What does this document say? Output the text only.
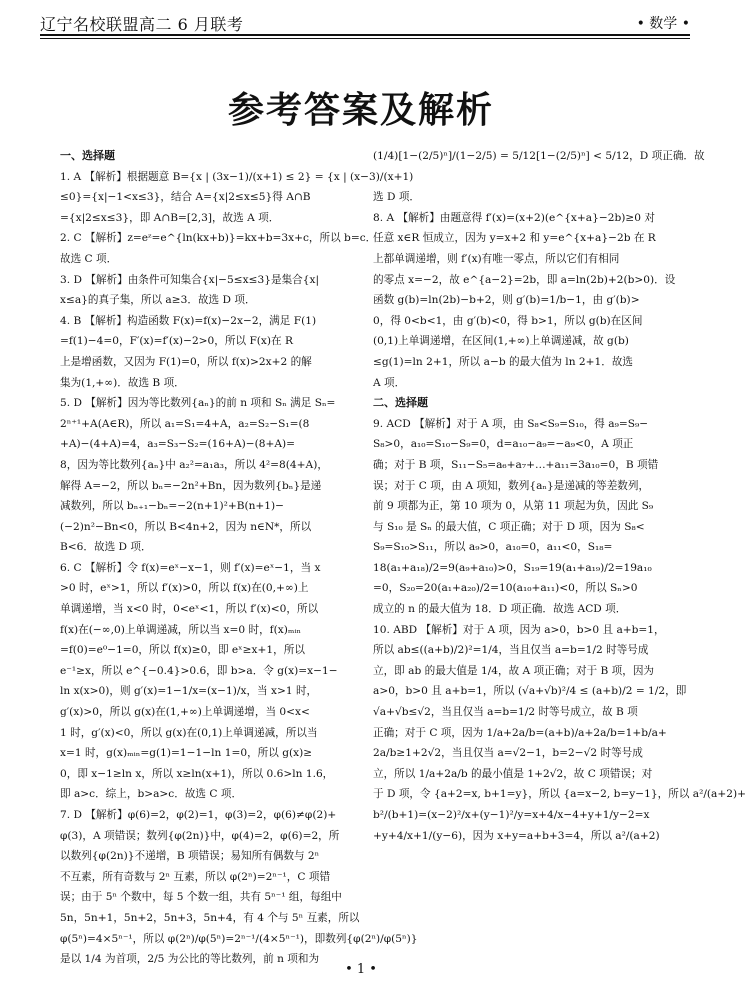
辽宁名校联盟高二 6 月联考	• 数学 •
参考答案及解析
一、选择题
1. A 【解析】根据题意 B={x | (3x−1)/(x+1) ≤ 2} = {x | (x−3)/(x+1)
≤0}={x|−1<x≤3}，结合 A={x|2≤x≤5}得 A∩B
={x|2≤x≤3}，即 A∩B=[2,3]，故选 A 项．
2. C 【解析】z=eᶻ=e^{ln(kx+b)}=kx+b=3x+c，所以 b=c．
故选 C 项．
3. D 【解析】由条件可知集合{x|−5≤x≤3}是集合{x|
x≤a}的真子集，所以 a≥3．故选 D 项．
4. B 【解析】构造函数 F(x)=f(x)−2x−2，满足 F(1)
=f(1)−4=0，F′(x)=f′(x)−2>0，所以 F(x)在 R
上是增函数，又因为 F(1)=0，所以 f(x)>2x+2 的解
集为(1,+∞)．故选 B 项．
5. D 【解析】因为等比数列{aₙ}的前 n 项和 Sₙ 满足 Sₙ=
2ⁿ⁺¹+A(A∈R)，所以 a₁=S₁=4+A，a₂=S₂−S₁=(8
+A)−(4+A)=4，a₃=S₃−S₂=(16+A)−(8+A)=
8，因为等比数列{aₙ}中 a₂²=a₁a₃，所以 4²=8(4+A)，
解得 A=−2，所以 bₙ=−2n²+Bn，因为数列{bₙ}是递
减数列，所以 bₙ₊₁−bₙ=−2(n+1)²+B(n+1)−
(−2)n²−Bn<0，所以 B<4n+2，因为 n∈N*，所以
B<6．故选 D 项．
6. C 【解析】令 f(x)=eˣ−x−1，则 f′(x)=eˣ−1，当 x
>0 时，eˣ>1，所以 f′(x)>0，所以 f(x)在(0,+∞)上
单调递增，当 x<0 时，0<eˣ<1，所以 f′(x)<0，所以
f(x)在(−∞,0)上单调递减，所以当 x=0 时，f(x)ₘᵢₙ
=f(0)=e⁰−1=0，所以 f(x)≥0，即 eˣ≥x+1，所以
e⁻¹≥x，所以 e^{−0.4}>0.6，即 b>a．令 g(x)=x−1−
ln x(x>0)，则 g′(x)=1−1/x=(x−1)/x，当 x>1 时，
g′(x)>0，所以 g(x)在(1,+∞)上单调递增，当 0<x<
1 时，g′(x)<0，所以 g(x)在(0,1)上单调递减，所以当
x=1 时，g(x)ₘᵢₙ=g(1)=1−1−ln 1=0，所以 g(x)≥
0，即 x−1≥ln x，所以 x≥ln(x+1)，所以 0.6>ln 1.6，
即 a>c．综上，b>a>c．故选 C 项．
7. D 【解析】φ(6)=2，φ(2)=1，φ(3)=2，φ(6)≠φ(2)+
φ(3)，A 项错误；数列{φ(2n)}中，φ(4)=2，φ(6)=2，所
以数列{φ(2n)}不递增，B 项错误；易知所有偶数与 2ⁿ
不互素，所有奇数与 2ⁿ 互素，所以 φ(2ⁿ)=2ⁿ⁻¹，C 项错
误；由于 5ⁿ 个数中，每 5 个数一组，共有 5ⁿ⁻¹ 组，每组中
5n，5n+1，5n+2，5n+3，5n+4，有 4 个与 5ⁿ 互素，所以
φ(5ⁿ)=4×5ⁿ⁻¹，所以 φ(2ⁿ)/φ(5ⁿ)=2ⁿ⁻¹/(4×5ⁿ⁻¹)，即数列{φ(2ⁿ)/φ(5ⁿ)}
是以 1/4 为首项，2/5 为公比的等比数列，前 n 项和为
(1/4)[1−(2/5)ⁿ]/(1−2/5) = 5/12[1−(2/5)ⁿ] < 5/12，D 项正确．故

选 D 项．
8. A 【解析】由题意得 f′(x)=(x+2)(e^{x+a}−2b)≥0 对
任意 x∈R 恒成立，因为 y=x+2 和 y=e^{x+a}−2b 在 R
上都单调递增，则 f′(x)有唯一零点，所以它们有相同
的零点 x=−2，故 e^{a−2}=2b，即 a=ln(2b)+2(b>0)．设
函数 g(b)=ln(2b)−b+2，则 g′(b)=1/b−1，由 g′(b)>
0，得 0<b<1，由 g′(b)<0，得 b>1，所以 g(b)在区间
(0,1)上单调递增，在区间(1,+∞)上单调递减，故 g(b)
≤g(1)=ln 2+1，所以 a−b 的最大值为 ln 2+1．故选
A 项．
二、选择题
9. ACD 【解析】对于 A 项，由 S₈<S₉=S₁₀，得 a₉=S₉−
S₈>0，a₁₀=S₁₀−S₉=0，d=a₁₀−a₉=−a₉<0，A 项正
确；对于 B 项，S₁₁−S₅=a₆+a₇+…+a₁₁=3a₁₀=0，B 项错
误；对于 C 项，由 A 项知，数列{aₙ}是递减的等差数列，
前 9 项都为正，第 10 项为 0，从第 11 项起为负，因此 S₉
与 S₁₀ 是 Sₙ 的最大值，C 项正确；对于 D 项，因为 S₈<
S₉=S₁₀>S₁₁，所以 a₉>0，a₁₀=0，a₁₁<0，S₁₈=
18(a₁+a₁₈)/2=9(a₉+a₁₀)>0，S₁₉=19(a₁+a₁₉)/2=19a₁₀
=0，S₂₀=20(a₁+a₂₀)/2=10(a₁₀+a₁₁)<0，所以 Sₙ>0
成立的 n 的最大值为 18．D 项正确．故选 ACD 项．
10. ABD 【解析】对于 A 项，因为 a>0，b>0 且 a+b=1，
所以 ab≤((a+b)/2)²=1/4，当且仅当 a=b=1/2 时等号成
立，即 ab 的最大值是 1/4，故 A 项正确；对于 B 项，因为
a>0，b>0 且 a+b=1，所以 (√a+√b)²/4 ≤ (a+b)/2 = 1/2，即
√a+√b≤√2，当且仅当 a=b=1/2 时等号成立，故 B 项
正确；对于 C 项，因为 1/a+2a/b=(a+b)/a+2a/b=1+b/a+
2a/b≥1+2√2，当且仅当 a=√2−1，b=2−√2 时等号成
立，所以 1/a+2a/b 的最小值是 1+2√2，故 C 项错误；对
于 D 项，令 {a+2=x, b+1=y}，所以 {a=x−2, b=y−1}，所以 a²/(a+2)+
b²/(b+1)=(x−2)²/x+(y−1)²/y=x+4/x−4+y+1/y−2=x
+y+4/x+1/(y−6)，因为 x+y=a+b+3=4，所以 a²/(a+2)
• 1 •
